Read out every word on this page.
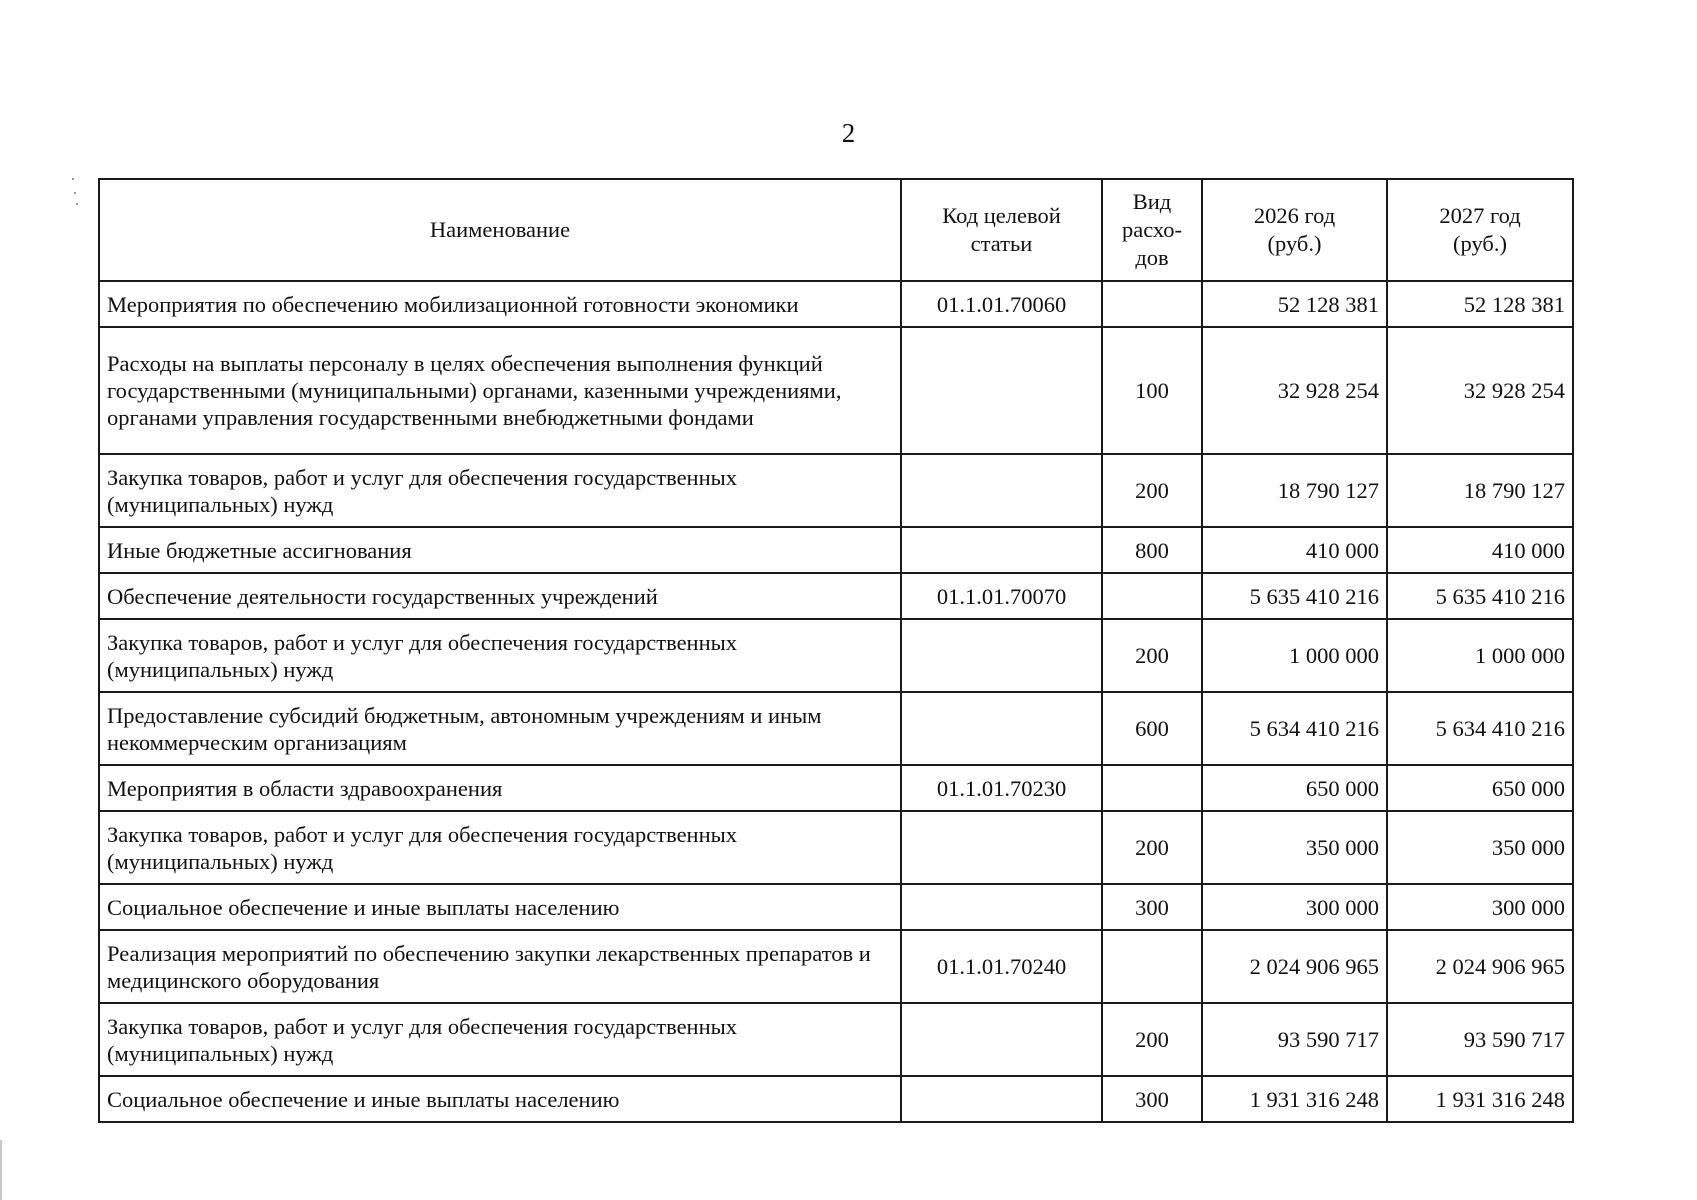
2
Наименование	Код целевой статьи	Вид расхо- дов	2026 год (руб.)	2027 год (руб.)
Мероприятия по обеспечению мобилизационной готовности экономики	01.1.01.70060		52 128 381	52 128 381
Расходы на выплаты персоналу в целях обеспечения выполнения функций государственными (муниципальными) органами, казенными учреждениями, органами управления государственными внебюджетными фондами		100	32 928 254	32 928 254
Закупка товаров, работ и услуг для обеспечения государственных (муниципальных) нужд		200	18 790 127	18 790 127
Иные бюджетные ассигнования		800	410 000	410 000
Обеспечение деятельности государственных учреждений	01.1.01.70070		5 635 410 216	5 635 410 216
Закупка товаров, работ и услуг для обеспечения государственных (муниципальных) нужд		200	1 000 000	1 000 000
Предоставление субсидий бюджетным, автономным учреждениям и иным некоммерческим организациям		600	5 634 410 216	5 634 410 216
Мероприятия в области здравоохранения	01.1.01.70230		650 000	650 000
Закупка товаров, работ и услуг для обеспечения государственных (муниципальных) нужд		200	350 000	350 000
Социальное обеспечение и иные выплаты населению		300	300 000	300 000
Реализация мероприятий по обеспечению закупки лекарственных препаратов и медицинского оборудования	01.1.01.70240		2 024 906 965	2 024 906 965
Закупка товаров, работ и услуг для обеспечения государственных (муниципальных) нужд		200	93 590 717	93 590 717
Социальное обеспечение и иные выплаты населению		300	1 931 316 248	1 931 316 248
